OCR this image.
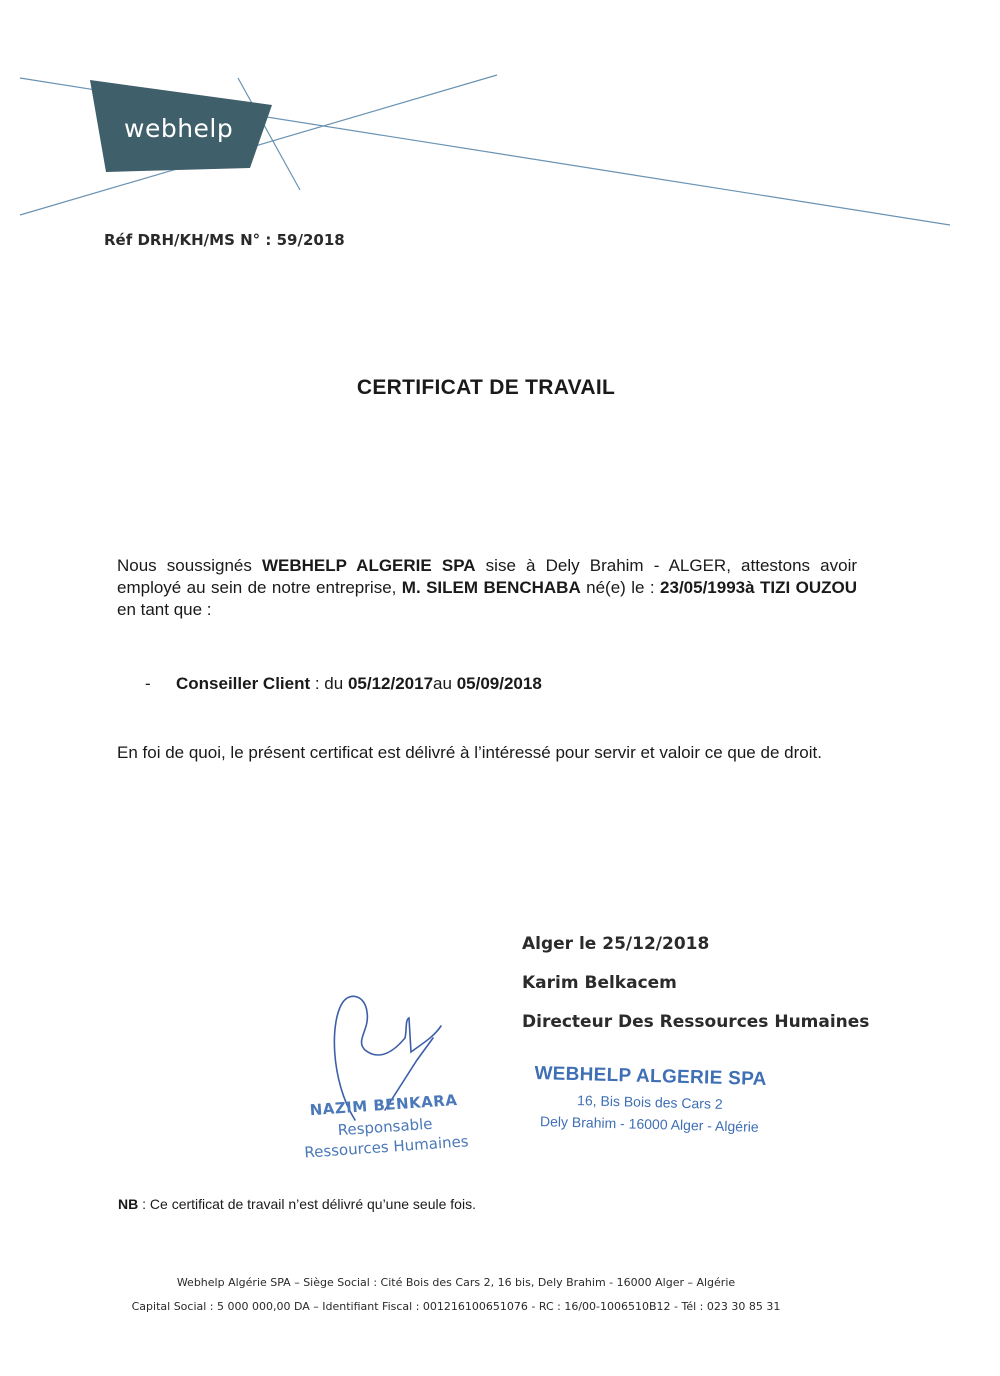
webhelp
Réf DRH/KH/MS N° : 59/2018
CERTIFICAT DE TRAVAIL
Nous soussignés WEBHELP ALGERIE SPA sise à Dely Brahim - ALGER, attestons avoir employé au sein de notre entreprise, M. SILEM BENCHABA né(e) le : 23/05/1993à TIZI OUZOU en tant que :
- Conseiller Client : du 05/12/2017au 05/09/2018
En foi de quoi, le présent certificat est délivré à l’intéressé pour servir et valoir ce que de droit.
Alger le 25/12/2018
Karim Belkacem
Directeur Des Ressources Humaines
NAZIM BENKARA
Responsable
Ressources Humaines
WEBHELP ALGERIE SPA
16, Bis Bois des Cars 2
Dely Brahim - 16000 Alger - Algérie
NB : Ce certificat de travail n’est délivré qu’une seule fois.
Webhelp Algérie SPA – Siège Social : Cité Bois des Cars 2, 16 bis, Dely Brahim - 16000 Alger – Algérie
Capital Social : 5 000 000,00 DA – Identifiant Fiscal : 001216100651076 - RC : 16/00-1006510B12 - Tél : 023 30 85 31
